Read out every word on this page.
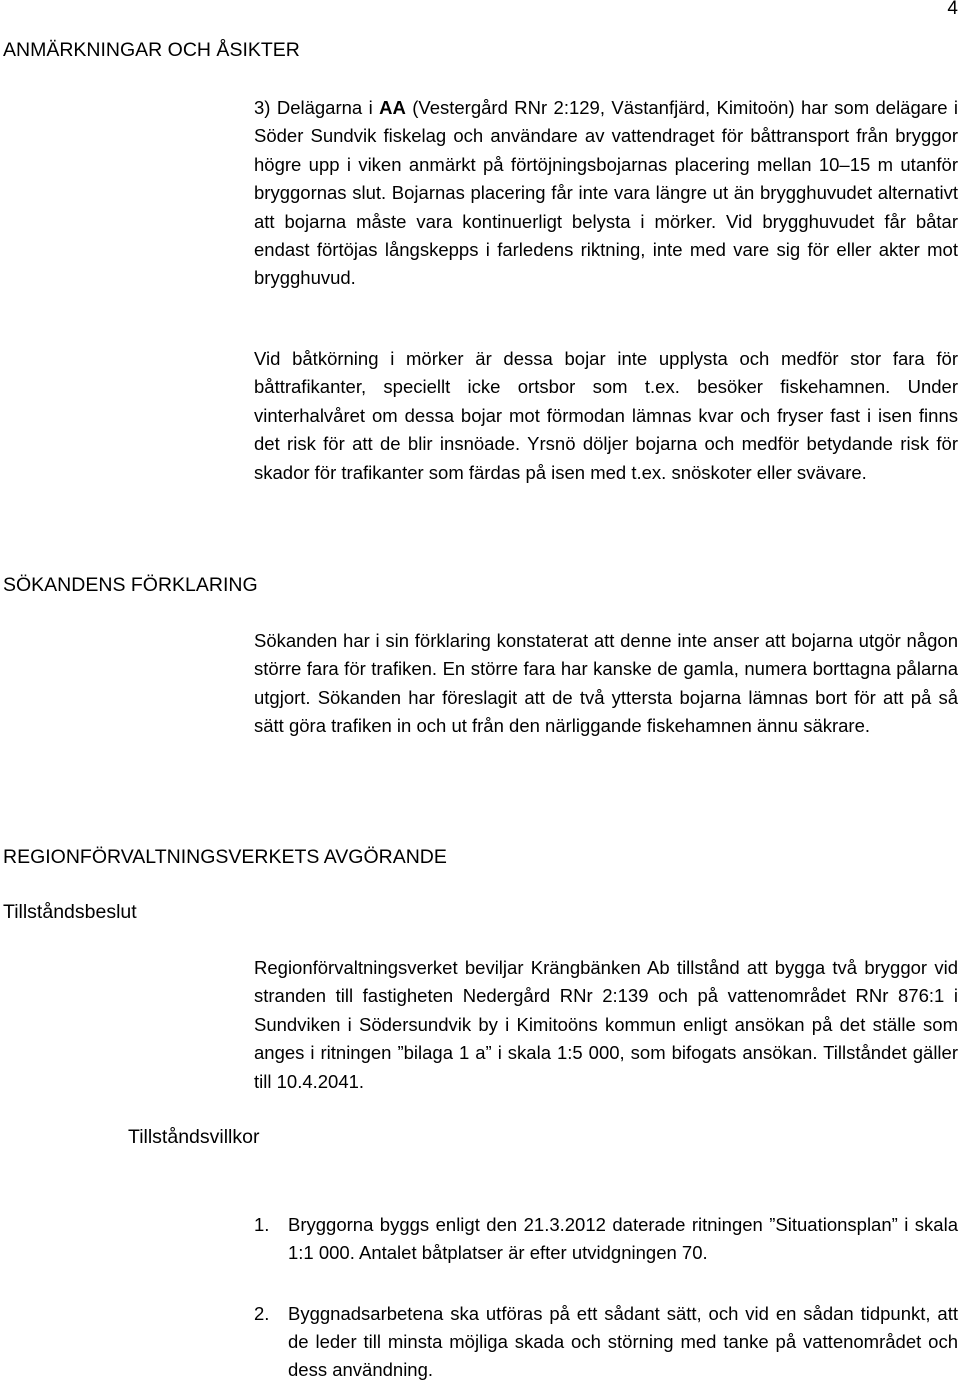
4
ANMÄRKNINGAR OCH ÅSIKTER

3) Delägarna i AA (Vestergård RNr 2:129, Västanfjärd, Kimitoön) har som delägare i Söder Sundvik fiskelag och användare av vattendraget för båttransport från bryggor högre upp i viken anmärkt på förtöjningsbojarnas placering mellan 10–15 m utanför bryggornas slut. Bojarnas placering får inte vara längre ut än brygghuvudet alternativt att bojarna måste vara kontinuerligt belysta i mörker. Vid brygghuvudet får båtar endast förtöjas långskepps i farledens riktning, inte med vare sig för eller akter mot brygghuvud.

Vid båtkörning i mörker är dessa bojar inte upplysta och medför stor fara för båttrafikanter, speciellt icke ortsbor som t.ex. besöker fiskehamnen. Under vinterhalvåret om dessa bojar mot förmodan lämnas kvar och fryser fast i isen finns det risk för att de blir insnöade. Yrsnö döljer bojarna och medför betydande risk för skador för trafikanter som färdas på isen med t.ex. snöskoter eller svävare.

SÖKANDENS FÖRKLARING

Sökanden har i sin förklaring konstaterat att denne inte anser att bojarna utgör någon större fara för trafiken. En större fara har kanske de gamla, numera borttagna pålarna utgjort. Sökanden har föreslagit att de två yttersta bojarna lämnas bort för att på så sätt göra trafiken in och ut från den närliggande fiskehamnen ännu säkrare.

REGIONFÖRVALTNINGSVERKETS AVGÖRANDE
Tillståndsbeslut

Regionförvaltningsverket beviljar Krängbänken Ab tillstånd att bygga två bryggor vid stranden till fastigheten Nedergård RNr 2:139 och på vattenområdet RNr 876:1 i Sundviken i Södersundvik by i Kimitoöns kommun enligt ansökan på det ställe som anges i ritningen ”bilaga 1 a” i skala 1:5 000, som bifogats ansökan. Tillståndet gäller till 10.4.2041.

Tillståndsvillkor
1. Bryggorna byggs enligt den 21.3.2012 daterade ritningen ”Situationsplan” i skala 1:1 000. Antalet båtplatser är efter utvidgningen 70.
2. Byggnadsarbetena ska utföras på ett sådant sätt, och vid en sådan tidpunkt, att de leder till minsta möjliga skada och störning med tanke på vattenområdet och dess användning.
